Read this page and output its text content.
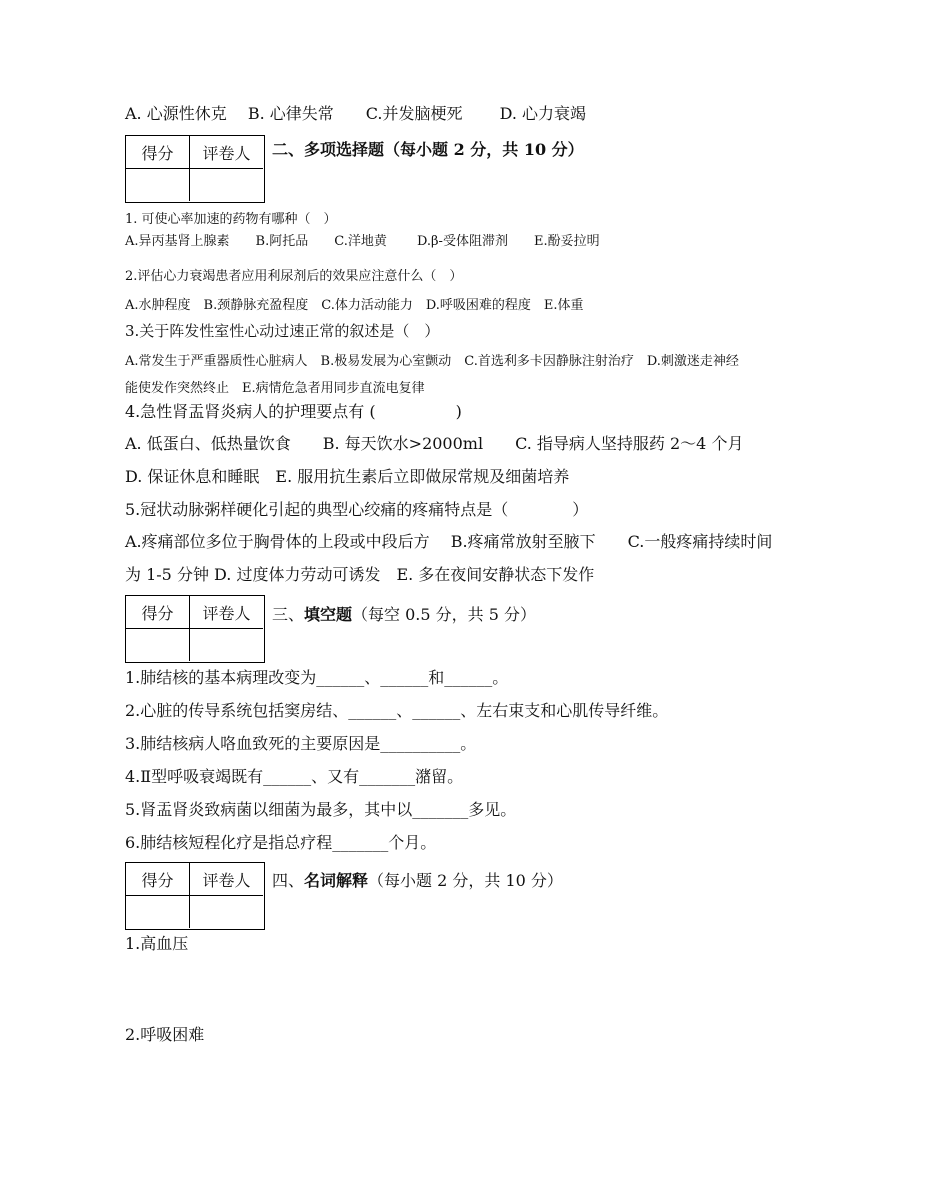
A. 心源性休克　 B. 心律失常　　C.并发脑梗死　　 D. 心力衰竭
得分	评卷人	二、多项选择题（每小题 2 分，共 10 分）
1. 可使心率加速的药物有哪种（　）
A.异丙基肾上腺素　　B.阿托品　　C.洋地黄　　 D.β-受体阻滞剂　　E.酚妥拉明
2.评估心力衰竭患者应用利尿剂后的效果应注意什么（　）
A.水肿程度　B.颈静脉充盈程度　C.体力活动能力　D.呼吸困难的程度　E.体重
3.关于阵发性室性心动过速正常的叙述是（　）
A.常发生于严重器质性心脏病人　B.极易发展为心室颤动　C.首选利多卡因静脉注射治疗　D.刺激迷走神经
能使发作突然终止　E.病情危急者用同步直流电复律
4.急性肾盂肾炎病人的护理要点有 (　　　　　)
A. 低蛋白、低热量饮食　　B. 每天饮水>2000ml　　C. 指导病人坚持服药 2～4 个月
D. 保证休息和睡眠　E. 服用抗生素后立即做尿常规及细菌培养
5.冠状动脉粥样硬化引起的典型心绞痛的疼痛特点是（　　　　）
A.疼痛部位多位于胸骨体的上段或中段后方　 B.疼痛常放射至腋下　　C.一般疼痛持续时间
为 1-5 分钟 D. 过度体力劳动可诱发　E. 多在夜间安静状态下发作
得分	评卷人	三、填空题（每空 0.5 分，共 5 分）
1.肺结核的基本病理改变为______、______和______。
2.心脏的传导系统包括窦房结、______、______、左右束支和心肌传导纤维。
3.肺结核病人咯血致死的主要原因是__________。
4.Ⅱ型呼吸衰竭既有______、又有_______潴留。
5.肾盂肾炎致病菌以细菌为最多，其中以_______多见。
6.肺结核短程化疗是指总疗程_______个月。
得分	评卷人	四、名词解释（每小题 2 分，共 10 分）
1.高血压
2.呼吸困难
